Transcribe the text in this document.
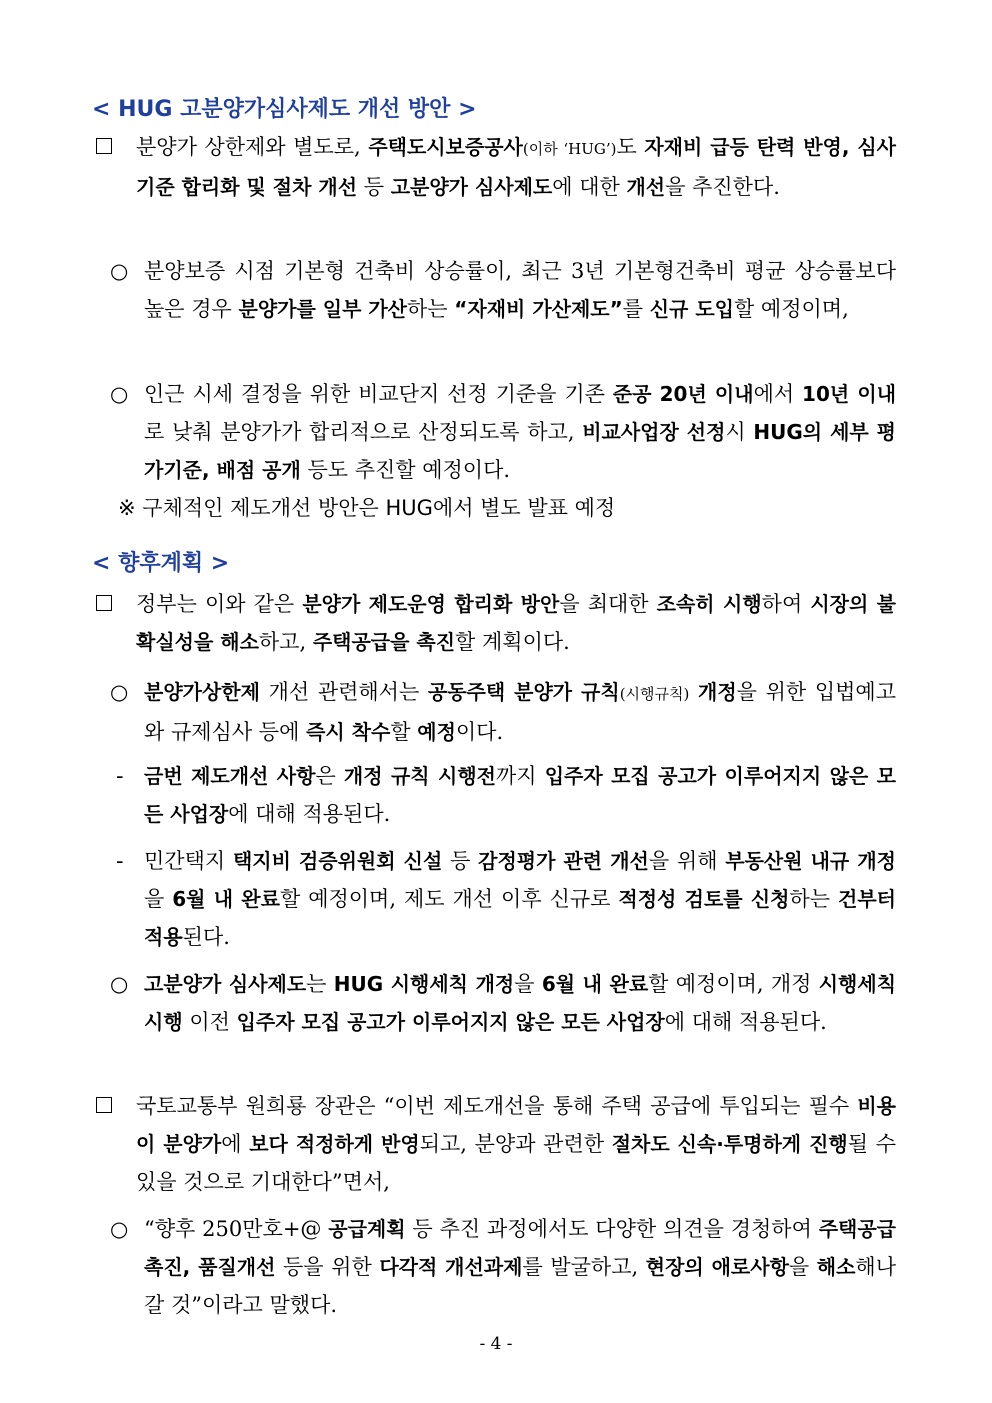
< HUG 고분양가심사제도 개선 방안 >

분양가 상한제와 별도로, 주택도시보증공사(이하 ‘HUG’)도 자재비 급등 탄력 반영, 심사기준 합리화 및 절차 개선 등 고분양가 심사제도에 대한 개선을 추진한다.

○ 분양보증 시점 기본형 건축비 상승률이, 최근 3년 기본형건축비 평균 상승률보다 높은 경우 분양가를 일부 가산하는 “자재비 가산제도”를 신규 도입할 예정이며,

○ 인근 시세 결정을 위한 비교단지 선정 기준을 기존 준공 20년 이내에서 10년 이내로 낮춰 분양가가 합리적으로 산정되도록 하고, 비교사업장 선정시 HUG의 세부 평가기준, 배점 공개 등도 추진할 예정이다.

※ 구체적인 제도개선 방안은 HUG에서 별도 발표 예정

< 향후계획 >

정부는 이와 같은 분양가 제도운영 합리화 방안을 최대한 조속히 시행하여 시장의 불확실성을 해소하고, 주택공급을 촉진할 계획이다.

○ 분양가상한제 개선 관련해서는 공동주택 분양가 규칙(시행규칙) 개정을 위한 입법예고와 규제심사 등에 즉시 착수할 예정이다.

- 금번 제도개선 사항은 개정 규칙 시행전까지 입주자 모집 공고가 이루어지지 않은 모든 사업장에 대해 적용된다.

- 민간택지 택지비 검증위원회 신설 등 감정평가 관련 개선을 위해 부동산원 내규 개정을 6월 내 완료할 예정이며, 제도 개선 이후 신규로 적정성 검토를 신청하는 건부터 적용된다.

○ 고분양가 심사제도는 HUG 시행세칙 개정을 6월 내 완료할 예정이며, 개정 시행세칙 시행 이전 입주자 모집 공고가 이루어지지 않은 모든 사업장에 대해 적용된다.

국토교통부 원희룡 장관은 “이번 제도개선을 통해 주택 공급에 투입되는 필수 비용이 분양가에 보다 적정하게 반영되고, 분양과 관련한 절차도 신속·투명하게 진행될 수 있을 것으로 기대한다”면서,

○ “향후 250만호+@ 공급계획 등 추진 과정에서도 다양한 의견을 경청하여 주택공급 촉진, 품질개선 등을 위한 다각적 개선과제를 발굴하고, 현장의 애로사항을 해소해나갈 것”이라고 말했다.

- 4 -
